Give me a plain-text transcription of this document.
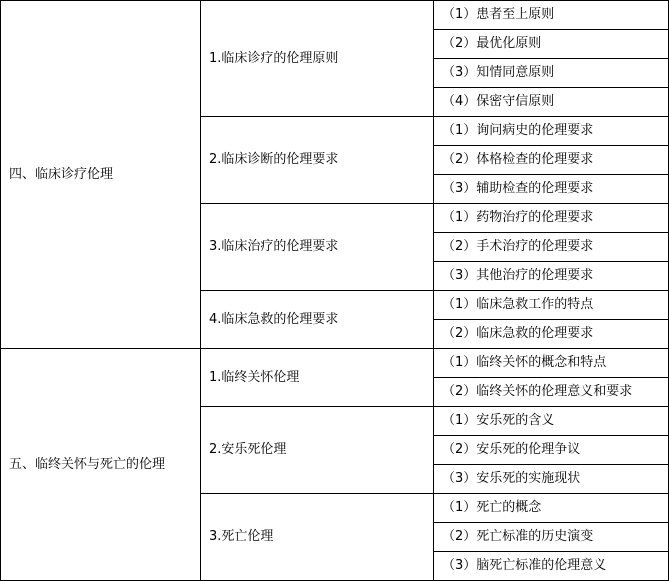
四、临床诊疗伦理	1.临床诊疗的伦理原则	（1）患者至上原则
		（2）最优化原则
		（3）知情同意原则
		（4）保密守信原则
	2.临床诊断的伦理要求	（1）询问病史的伦理要求
		（2）体格检查的伦理要求
		（3）辅助检查的伦理要求
	3.临床治疗的伦理要求	（1）药物治疗的伦理要求
		（2）手术治疗的伦理要求
		（3）其他治疗的伦理要求
	4.临床急救的伦理要求	（1）临床急救工作的特点
		（2）临床急救的伦理要求
五、临终关怀与死亡的伦理	1.临终关怀伦理	（1）临终关怀的概念和特点
		（2）临终关怀的伦理意义和要求
	2.安乐死伦理	（1）安乐死的含义
		（2）安乐死的伦理争议
		（3）安乐死的实施现状
	3.死亡伦理	（1）死亡的概念
		（2）死亡标准的历史演变
		（3）脑死亡标准的伦理意义
